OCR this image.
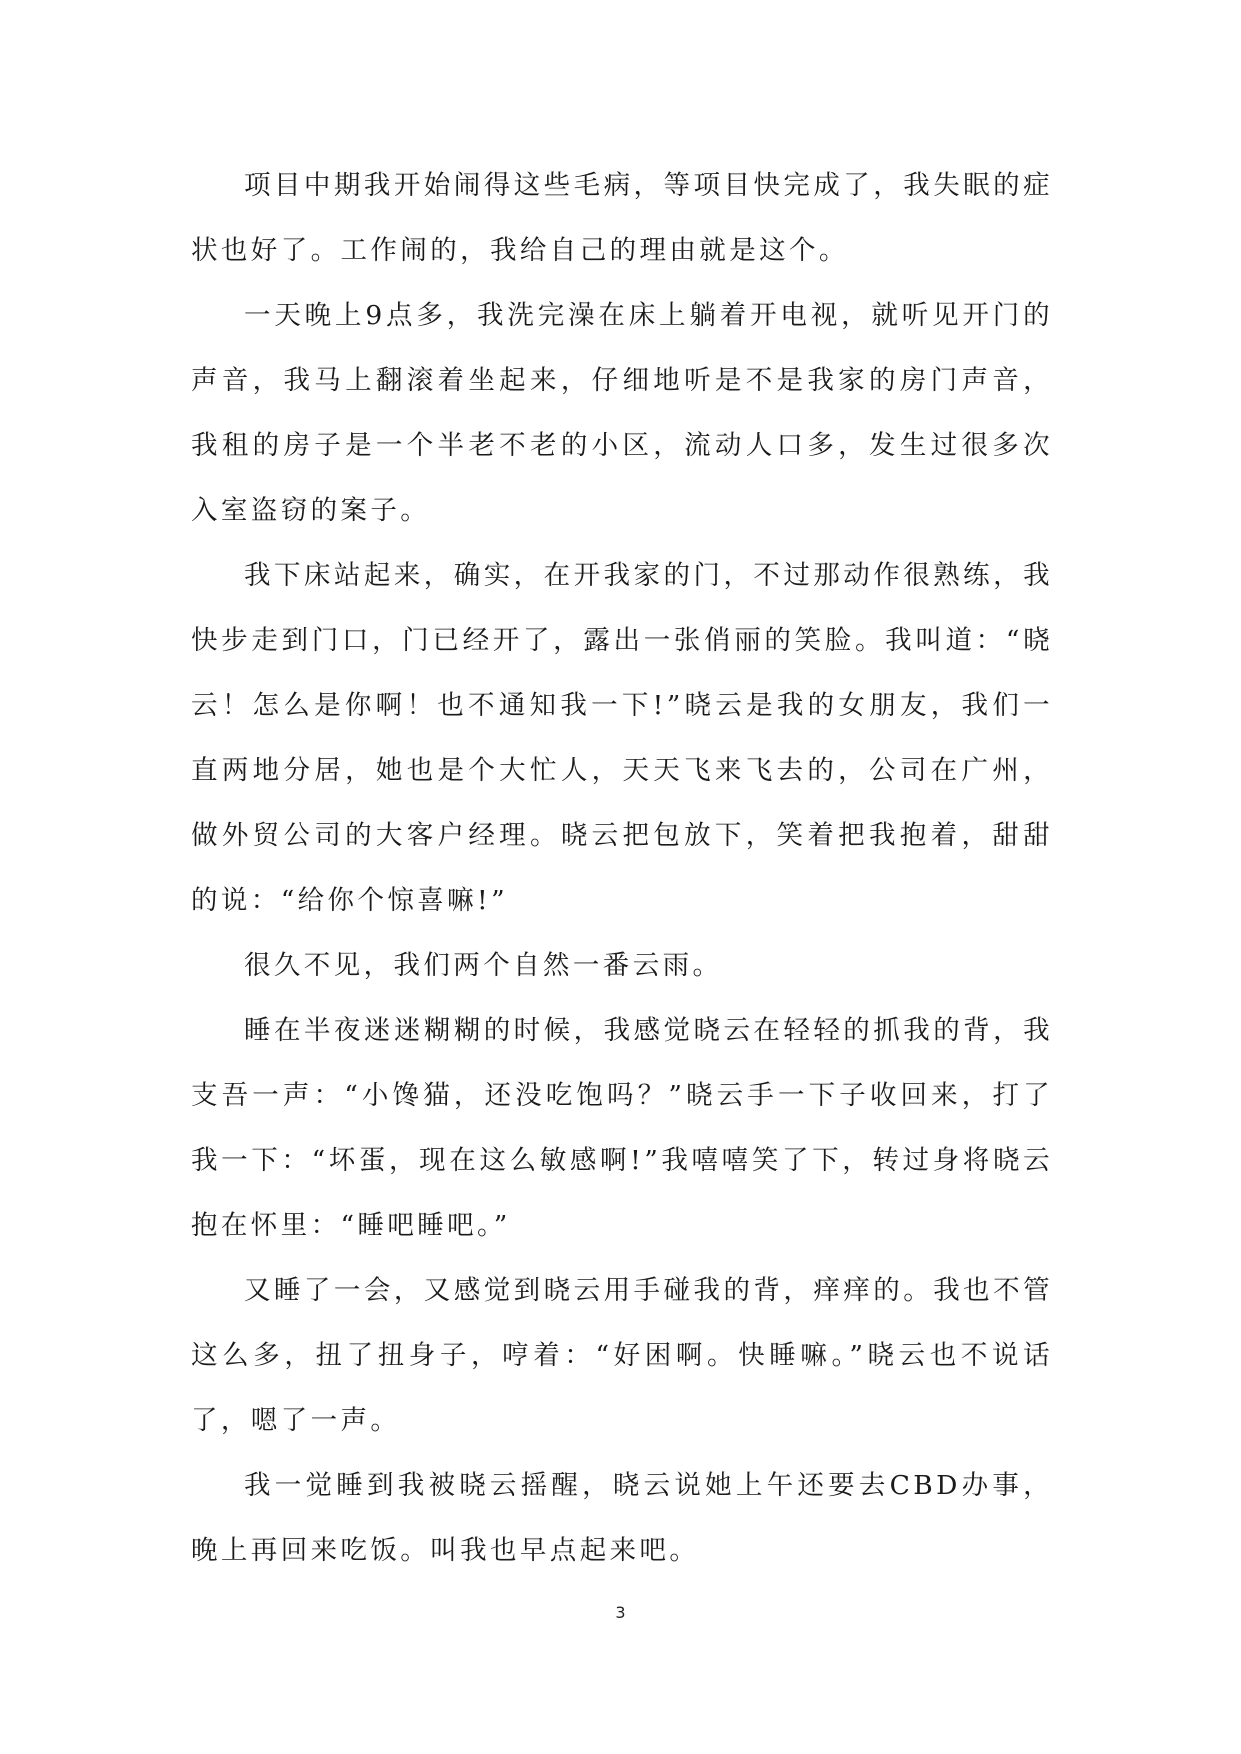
项目中期我开始闹得这些毛病，等项目快完成了，我失眠的症状也好了。工作闹的，我给自己的理由就是这个。

一天晚上9点多，我洗完澡在床上躺着开电视，就听见开门的声音，我马上翻滚着坐起来，仔细地听是不是我家的房门声音，我租的房子是一个半老不老的小区，流动人口多，发生过很多次入室盗窃的案子。

我下床站起来，确实，在开我家的门，不过那动作很熟练，我快步走到门口，门已经开了，露出一张俏丽的笑脸。我叫道：“晓云！怎么是你啊！也不通知我一下!”晓云是我的女朋友，我们一直两地分居，她也是个大忙人，天天飞来飞去的，公司在广州，做外贸公司的大客户经理。晓云把包放下，笑着把我抱着，甜甜的说：“给你个惊喜嘛!”

很久不见，我们两个自然一番云雨。

睡在半夜迷迷糊糊的时候，我感觉晓云在轻轻的抓我的背，我支吾一声：“小馋猫，还没吃饱吗？”晓云手一下子收回来，打了我一下：“坏蛋，现在这么敏感啊!”我嘻嘻笑了下，转过身将晓云抱在怀里：“睡吧睡吧。”

又睡了一会，又感觉到晓云用手碰我的背，痒痒的。我也不管这么多，扭了扭身子，哼着：“好困啊。快睡嘛。”晓云也不说话了，嗯了一声。

我一觉睡到我被晓云摇醒，晓云说她上午还要去CBD办事，晚上再回来吃饭。叫我也早点起来吧。

3
